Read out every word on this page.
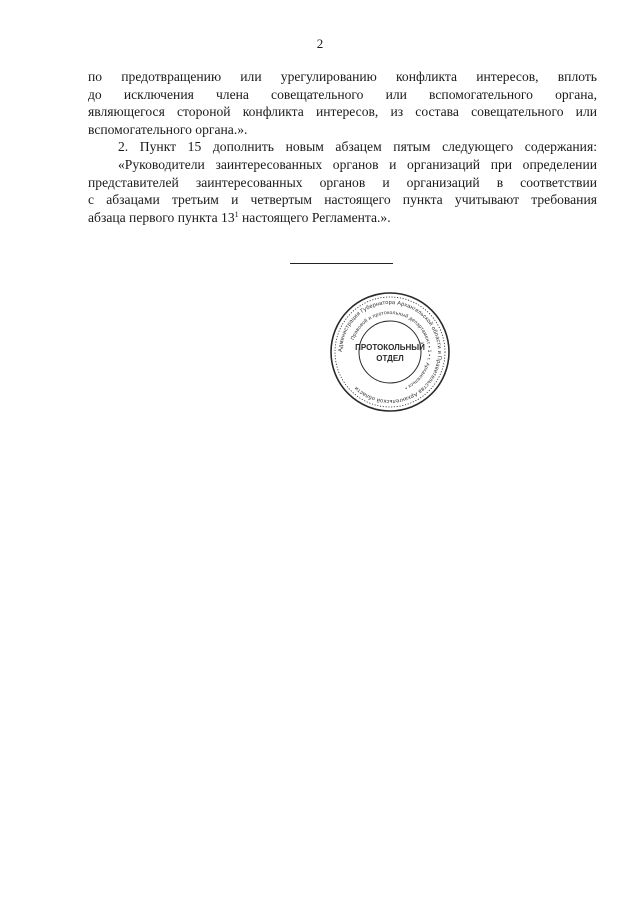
2
по предотвращению или урегулированию конфликта интересов, вплоть
до исключения члена совещательного или вспомогательного органа,
являющегося стороной конфликта интересов, из состава совещательного или
вспомогательного органа.».
2. Пункт 15 дополнить новым абзацем пятым следующего содержания:
«Руководители заинтересованных органов и организаций при определении
представителей заинтересованных органов и организаций в соответствии
с абзацами третьим и четвертым настоящего пункта учитывают требования
абзаца первого пункта $13^1$ настоящего Регламента.».
Администрация Губернатора Архангельской области и Правительства Архангельской области
Правовой и протокольный департамент • 1 • г. Архангельск •
ПРОТОКОЛЬНЫЙ
ОТДЕЛ
